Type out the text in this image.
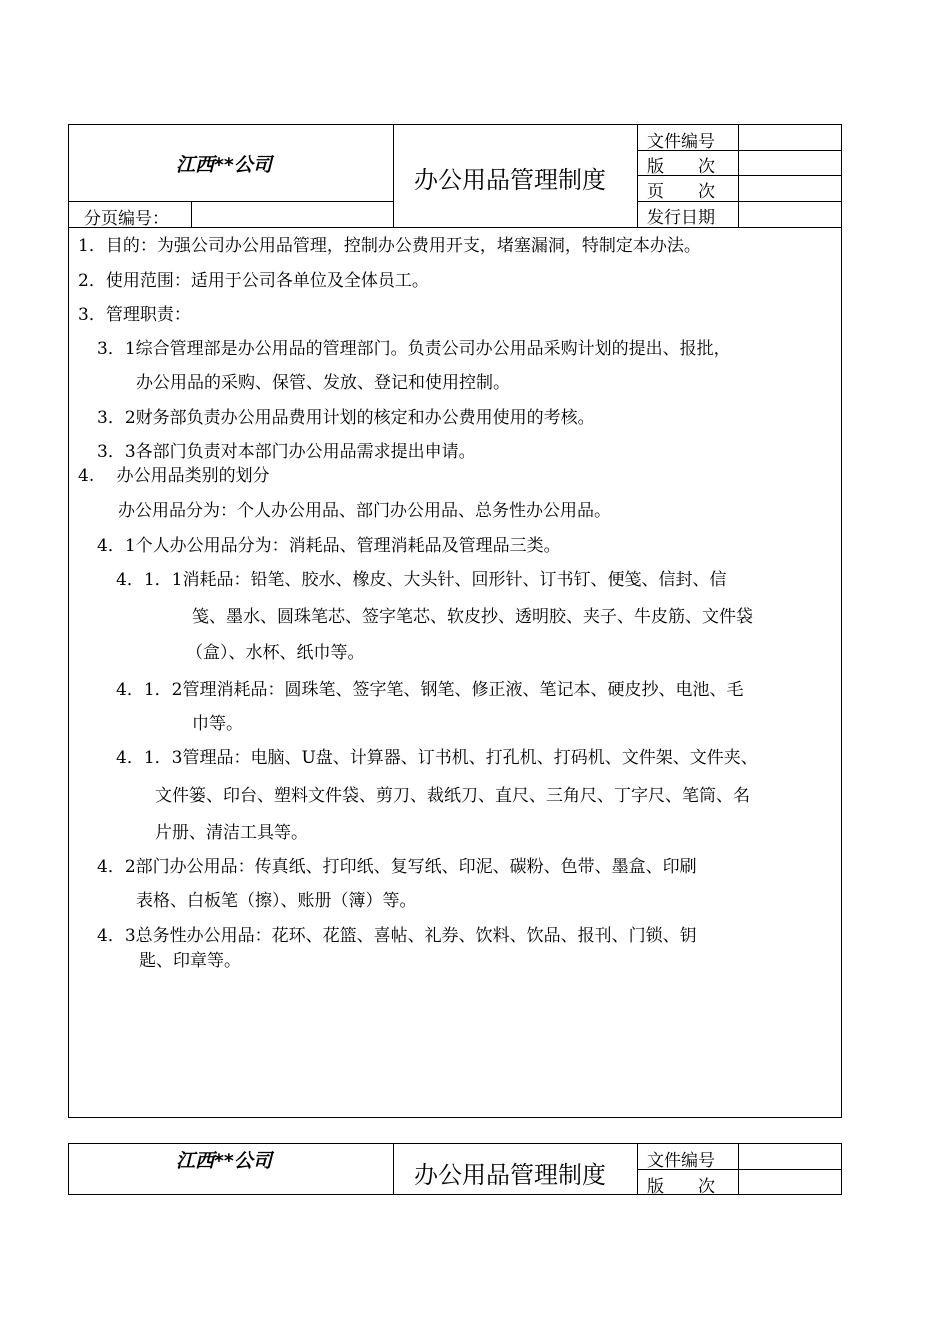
江西**公司
办公用品管理制度
文件编号
版　　次
页　　次
发行日期
分页编号：
1．目的：为强公司办公用品管理，控制办公费用开支，堵塞漏洞，特制定本办法。
2．使用范围：适用于公司各单位及全体员工。
3．管理职责：
3．1综合管理部是办公用品的管理部门。负责公司办公用品采购计划的提出、报批，
办公用品的采购、保管、发放、登记和使用控制。
3．2财务部负责办公用品费用计划的核定和办公费用使用的考核。
3．3各部门负责对本部门办公用品需求提出申请。
4.　 办公用品类别的划分
办公用品分为：个人办公用品、部门办公用品、总务性办公用品。
4．1个人办公用品分为：消耗品、管理消耗品及管理品三类。
4．1．1消耗品：铅笔、胶水、橡皮、大头针、回形针、订书钉、便笺、信封、信
笺、墨水、圆珠笔芯、签字笔芯、软皮抄、透明胶、夹子、牛皮筋、文件袋
（盒）、水杯、纸巾等。
4．1．2管理消耗品：圆珠笔、签字笔、钢笔、修正液、笔记本、硬皮抄、电池、毛
巾等。
4．1．3管理品：电脑、U盘、计算器、订书机、打孔机、打码机、文件架、文件夹、
文件篓、印台、塑料文件袋、剪刀、裁纸刀、直尺、三角尺、丁字尺、笔筒、名
片册、清洁工具等。
4．2部门办公用品：传真纸、打印纸、复写纸、印泥、碳粉、色带、墨盒、印刷
表格、白板笔（擦）、账册（簿）等。
4．3总务性办公用品：花环、花篮、喜帖、礼券、饮料、饮品、报刊、门锁、钥
匙、印章等。
江西**公司	办公用品管理制度 文件编号
版　　次
